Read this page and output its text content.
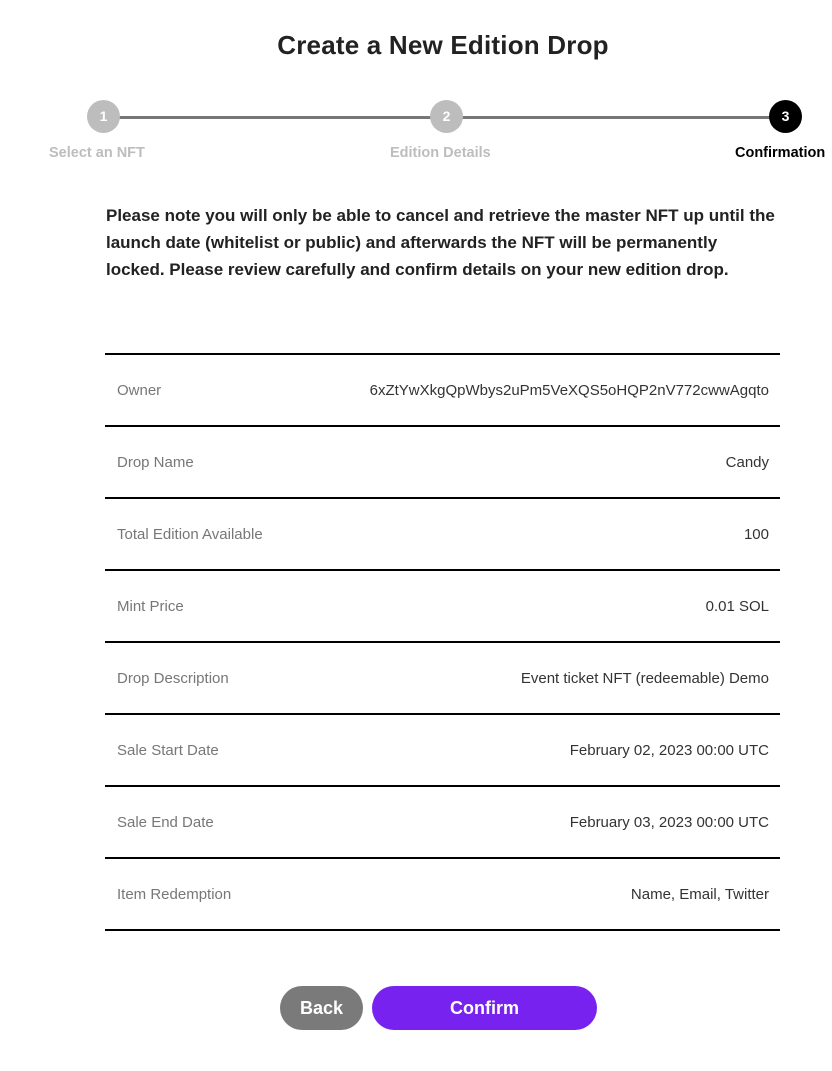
Create a New Edition Drop
1	2	3
Select an NFT	Edition Details	Confirmation

Please note you will only be able to cancel and retrieve the master NFT up until the launch date (whitelist or public) and afterwards the NFT will be permanently locked. Please review carefully and confirm details on your new edition drop.

Owner	6xZtYwXkgQpWbys2uPm5VeXQS5oHQP2nV772cwwAgqto
Drop Name	Candy
Total Edition Available	100
Mint Price	0.01 SOL
Drop Description	Event ticket NFT (redeemable) Demo
Sale Start Date	February 02, 2023 00:00 UTC
Sale End Date	February 03, 2023 00:00 UTC
Item Redemption	Name, Email, Twitter
Back	Confirm
